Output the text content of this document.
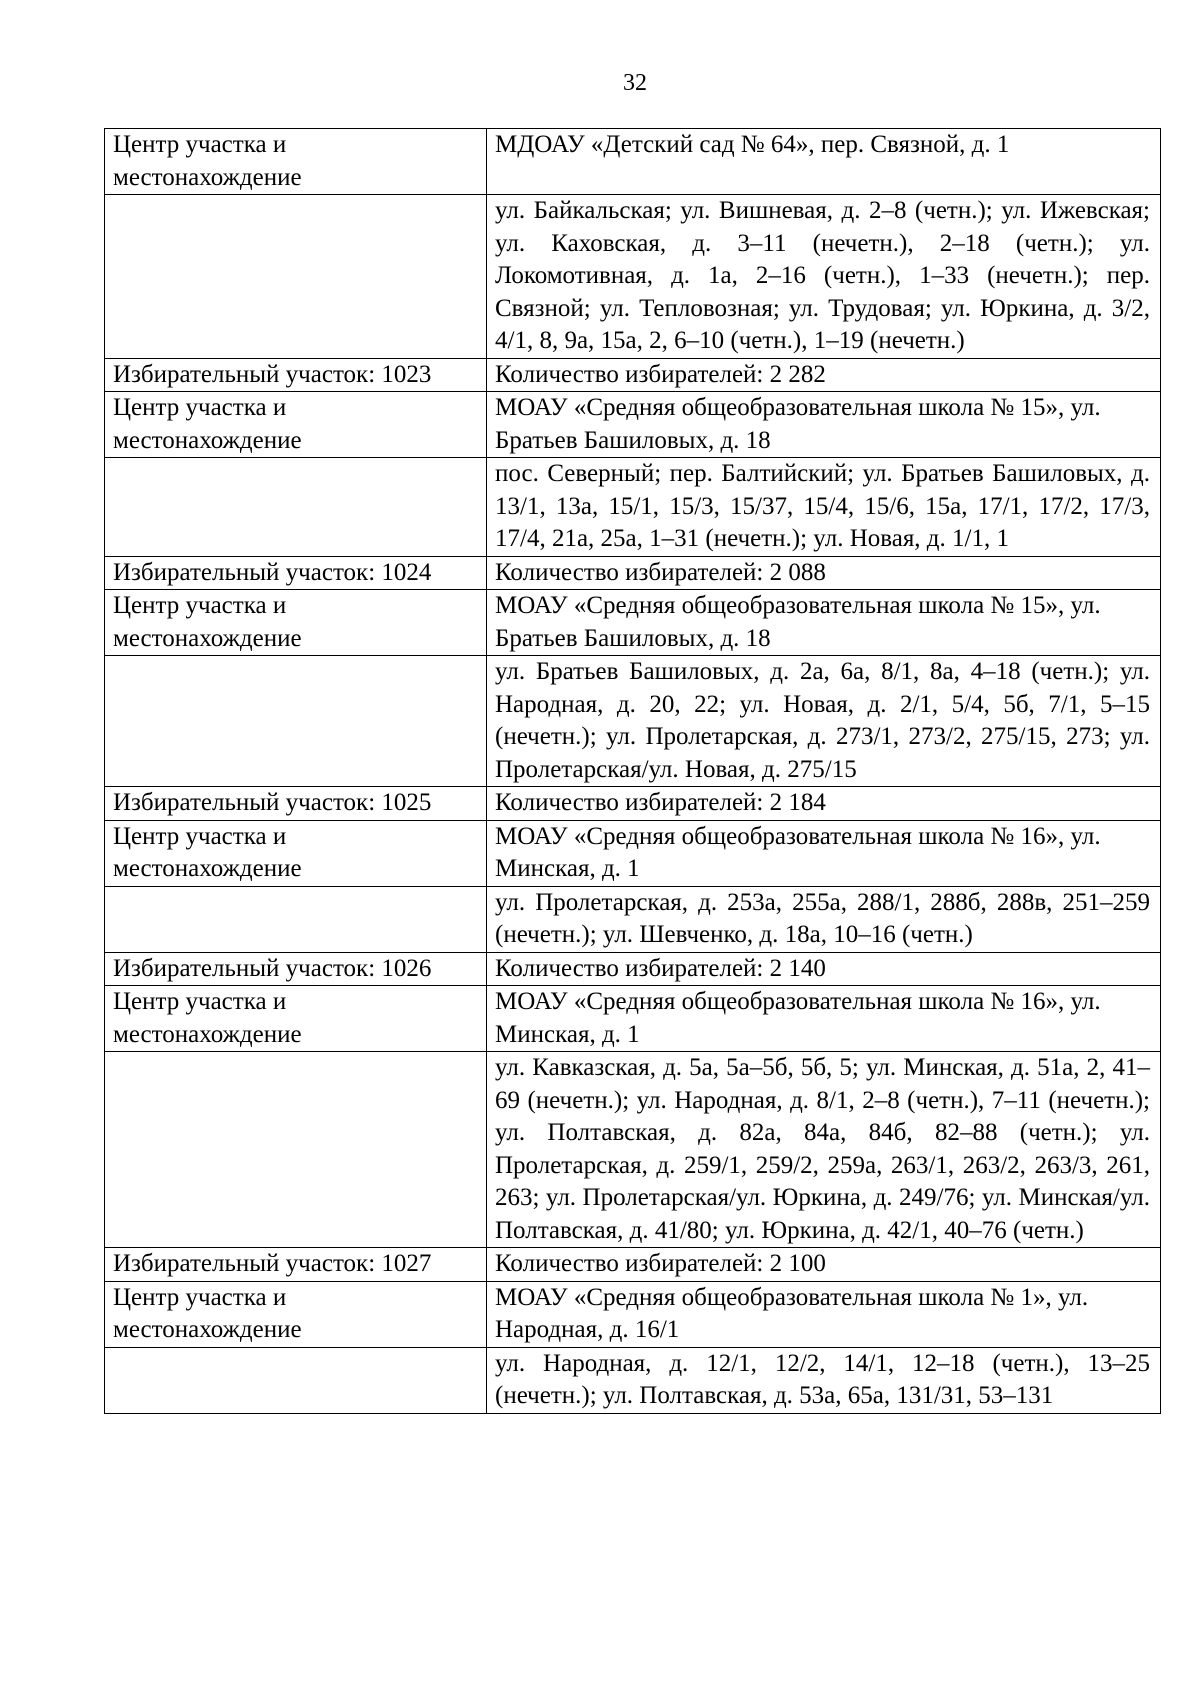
32
Центр участка и местонахождение	МДОАУ «Детский сад № 64», пер. Связной, д. 1
	ул. Байкальская; ул. Вишневая, д. 2–8 (четн.); ул. Ижевская; ул. Каховская, д. 3–11 (нечетн.), 2–18 (четн.); ул. Локомотивная, д. 1а, 2–16 (четн.), 1–33 (нечетн.); пер. Связной; ул. Тепловозная; ул. Трудовая; ул. Юркина, д. 3/2, 4/1, 8, 9а, 15а, 2, 6–10 (четн.), 1–19 (нечетн.)
Избирательный участок: 1023	Количество избирателей: 2 282
Центр участка и местонахождение	МОАУ «Средняя общеобразовательная школа № 15», ул. Братьев Башиловых, д. 18
	пос. Северный; пер. Балтийский; ул. Братьев Башиловых, д. 13/1, 13а, 15/1, 15/3, 15/37, 15/4, 15/6, 15а, 17/1, 17/2, 17/3, 17/4, 21а, 25а, 1–31 (нечетн.); ул. Новая, д. 1/1, 1
Избирательный участок: 1024	Количество избирателей: 2 088
Центр участка и местонахождение	МОАУ «Средняя общеобразовательная школа № 15», ул. Братьев Башиловых, д. 18
	ул. Братьев Башиловых, д. 2а, 6а, 8/1, 8а, 4–18 (четн.); ул. Народная, д. 20, 22; ул. Новая, д. 2/1, 5/4, 5б, 7/1, 5–15 (нечетн.); ул. Пролетарская, д. 273/1, 273/2, 275/15, 273; ул. Пролетарская/ул. Новая, д. 275/15
Избирательный участок: 1025	Количество избирателей: 2 184
Центр участка и местонахождение	МОАУ «Средняя общеобразовательная школа № 16», ул. Минская, д. 1
	ул. Пролетарская, д. 253а, 255а, 288/1, 288б, 288в, 251–259 (нечетн.); ул. Шевченко, д. 18а, 10–16 (четн.)
Избирательный участок: 1026	Количество избирателей: 2 140
Центр участка и местонахождение	МОАУ «Средняя общеобразовательная школа № 16», ул. Минская, д. 1
	ул. Кавказская, д. 5а, 5а–5б, 5б, 5; ул. Минская, д. 51а, 2, 41–69 (нечетн.); ул. Народная, д. 8/1, 2–8 (четн.), 7–11 (нечетн.); ул. Полтавская, д. 82а, 84а, 84б, 82–88 (четн.); ул. Пролетарская, д. 259/1, 259/2, 259а, 263/1, 263/2, 263/3, 261, 263; ул. Пролетарская/ул. Юркина, д. 249/76; ул. Минская/ул. Полтавская, д. 41/80; ул. Юркина, д. 42/1, 40–76 (четн.)
Избирательный участок: 1027	Количество избирателей: 2 100
Центр участка и местонахождение	МОАУ «Средняя общеобразовательная школа № 1», ул. Народная, д. 16/1
	ул. Народная, д. 12/1, 12/2, 14/1, 12–18 (четн.), 13–25 (нечетн.); ул. Полтавская, д. 53а, 65а, 131/31, 53–131
